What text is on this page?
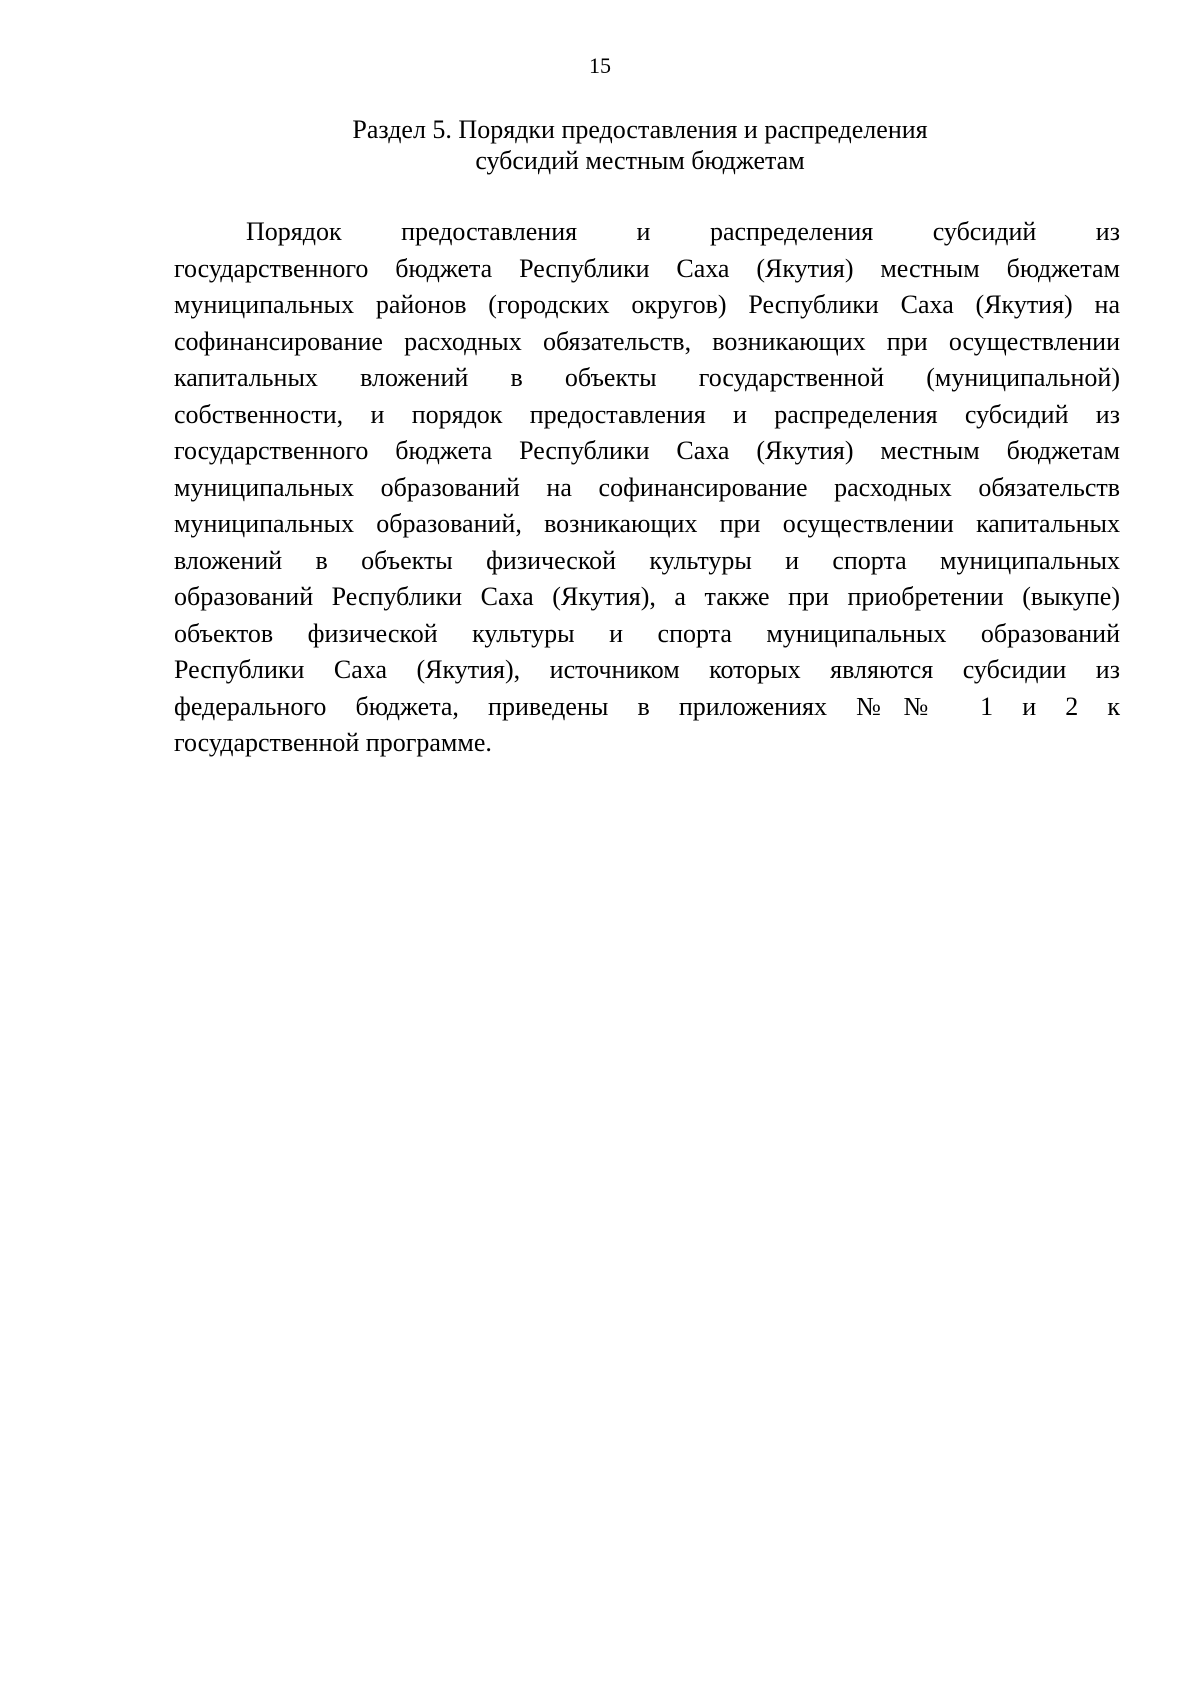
15
Раздел 5. Порядки предоставления и распределения
субсидий местным бюджетам
Порядок предоставления и распределения субсидий из
государственного бюджета Республики Саха (Якутия) местным бюджетам
муниципальных районов (городских округов) Республики Саха (Якутия) на
софинансирование расходных обязательств, возникающих при осуществлении
капитальных вложений в объекты государственной (муниципальной)
собственности, и порядок предоставления и распределения субсидий из
государственного бюджета Республики Саха (Якутия) местным бюджетам
муниципальных образований на софинансирование расходных обязательств
муниципальных образований, возникающих при осуществлении капитальных
вложений в объекты физической культуры и спорта муниципальных
образований Республики Саха (Якутия), а также при приобретении (выкупе)
объектов физической культуры и спорта муниципальных образований
Республики Саха (Якутия), источником которых являются субсидии из
федерального бюджета, приведены в приложениях №№ 1 и 2 к
государственной программе.
